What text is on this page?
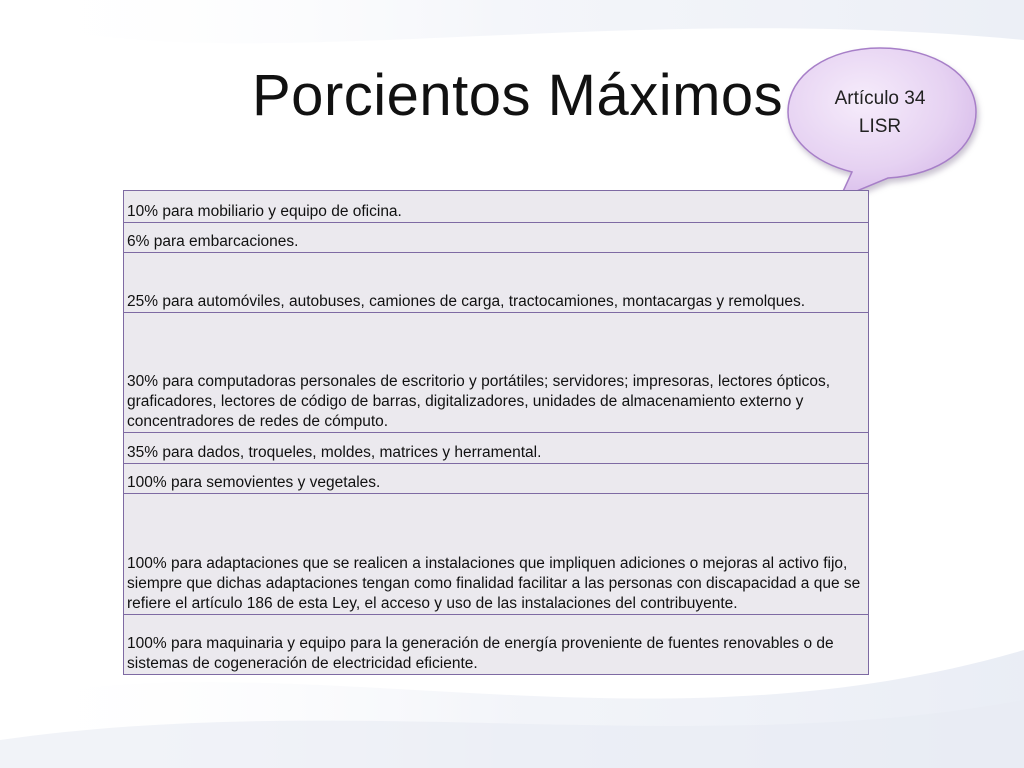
Porcientos Máximos	Artículo 34
LISR
10% para mobiliario y equipo de oficina.
6% para embarcaciones.
25% para automóviles, autobuses, camiones de carga, tractocamiones, montacargas y remolques.
30% para computadoras personales de escritorio y portátiles; servidores; impresoras, lectores ópticos, graficadores, lectores de código de barras, digitalizadores, unidades de almacenamiento externo y concentradores de redes de cómputo.
35% para dados, troqueles, moldes, matrices y herramental.
100% para semovientes y vegetales.
100% para adaptaciones que se realicen a instalaciones que impliquen adiciones o mejoras al activo fijo, siempre que dichas adaptaciones tengan como finalidad facilitar a las personas con discapacidad a que se refiere el artículo 186 de esta Ley, el acceso y uso de las instalaciones del contribuyente.
100% para maquinaria y equipo para la generación de energía proveniente de fuentes renovables o de sistemas de cogeneración de electricidad eficiente.
